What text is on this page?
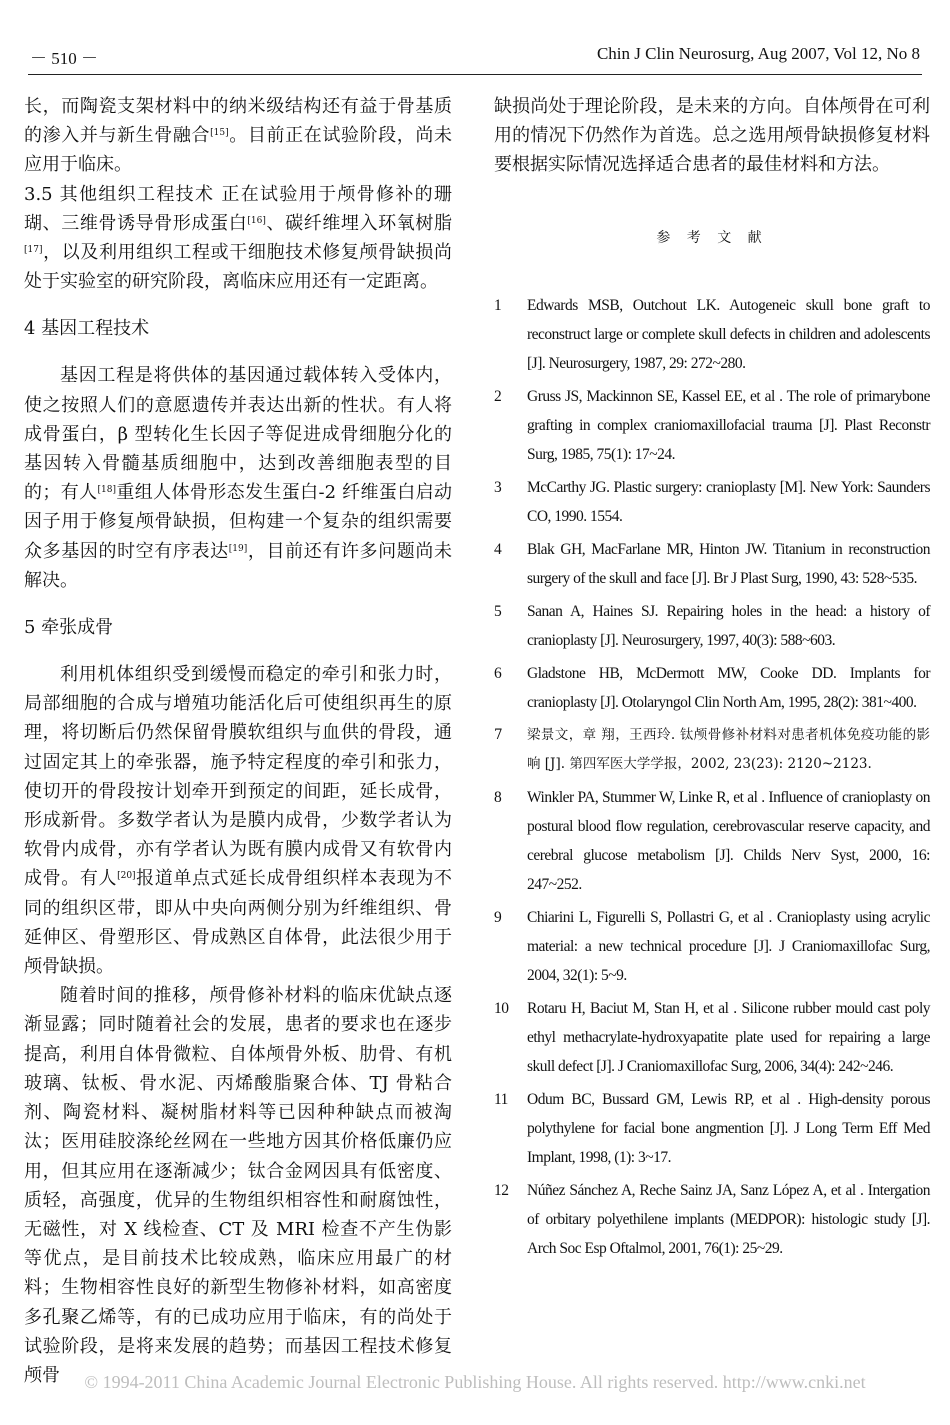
－ 510 －	Chin J Clin Neurosurg, Aug 2007, Vol 12, No 8

长，而陶瓷支架材料中的纳米级结构还有益于骨基质的渗入并与新生骨融合[15]。目前正在试验阶段，尚未应用于临床。

3.5 其他组织工程技术 正在试验用于颅骨修补的珊瑚、三维骨诱导骨形成蛋白[16]、碳纤维埋入环氧树脂[17]，以及利用组织工程或干细胞技术修复颅骨缺损尚处于实验室的研究阶段，离临床应用还有一定距离。

4 基因工程技术

基因工程是将供体的基因通过载体转入受体内，使之按照人们的意愿遗传并表达出新的性状。有人将成骨蛋白，β 型转化生长因子等促进成骨细胞分化的基因转入骨髓基质细胞中，达到改善细胞表型的目的；有人[18]重组人体骨形态发生蛋白-2 纤维蛋白启动因子用于修复颅骨缺损，但构建一个复杂的组织需要众多基因的时空有序表达[19]，目前还有许多问题尚未解决。

5 牵张成骨

利用机体组织受到缓慢而稳定的牵引和张力时，局部细胞的合成与增殖功能活化后可使组织再生的原理，将切断后仍然保留骨膜软组织与血供的骨段，通过固定其上的牵张器，施予特定程度的牵引和张力，使切开的骨段按计划牵开到预定的间距，延长成骨，形成新骨。多数学者认为是膜内成骨，少数学者认为软骨内成骨，亦有学者认为既有膜内成骨又有软骨内成骨。有人[20]报道单点式延长成骨组织样本表现为不同的组织区带，即从中央向两侧分别为纤维组织、骨延伸区、骨塑形区、骨成熟区自体骨，此法很少用于颅骨缺损。

随着时间的推移，颅骨修补材料的临床优缺点逐渐显露；同时随着社会的发展，患者的要求也在逐步提高，利用自体骨微粒、自体颅骨外板、肋骨、有机玻璃、钛板、骨水泥、丙烯酸脂聚合体、TJ 骨粘合剂、陶瓷材料、凝树脂材料等已因种种缺点而被淘汰；医用硅胶涤纶丝网在一些地方因其价格低廉仍应用，但其应用在逐渐减少；钛合金网因具有低密度、质轻，高强度，优异的生物组织相容性和耐腐蚀性，无磁性，对 X 线检查、CT 及 MRI 检查不产生伪影等优点，是目前技术比较成熟，临床应用最广的材料；生物相容性良好的新型生物修补材料，如高密度多孔聚乙烯等，有的已成功应用于临床，有的尚处于试验阶段，是将来发展的趋势；而基因工程技术修复颅骨

缺损尚处于理论阶段，是未来的方向。自体颅骨在可利用的情况下仍然作为首选。总之选用颅骨缺损修复材料要根据实际情况选择适合患者的最佳材料和方法。

参 考 文 献
1	Edwards MSB, Outchout LK. Autogeneic skull bone graft to reconstruct large or complete skull defects in children and adolescents [J]. Neurosurgery, 1987, 29: 272~280.
2	Gruss JS, Mackinnon SE, Kassel EE, et al . The role of primarybone grafting in complex craniomaxillofacial trauma [J]. Plast Reconstr Surg, 1985, 75(1): 17~24.
3	McCarthy JG. Plastic surgery: cranioplasty [M]. New York: Saunders CO, 1990. 1554.
4	Blak GH, MacFarlane MR, Hinton JW. Titanium in reconstruction surgery of the skull and face [J]. Br J Plast Surg, 1990, 43: 528~535.
5	Sanan A, Haines SJ. Repairing holes in the head: a history of cranioplasty [J]. Neurosurgery, 1997, 40(3): 588~603.
6	Gladstone HB, McDermott MW, Cooke DD. Implants for cranioplasty [J]. Otolaryngol Clin North Am, 1995, 28(2): 381~400.
7	梁景文，章 翔，王西玲. 钛颅骨修补材料对患者机体免疫功能的影响 [J]. 第四军医大学学报，2002, 23(23): 2120~2123.
8	Winkler PA, Stummer W, Linke R, et al . Influence of cranioplasty on postural blood flow regulation, cerebrovascular reserve capacity, and cerebral glucose metabolism [J]. Childs Nerv Syst, 2000, 16: 247~252.
9	Chiarini L, Figurelli S, Pollastri G, et al . Cranioplasty using acrylic material: a new technical procedure [J]. J Craniomaxillofac Surg, 2004, 32(1): 5~9.
10	Rotaru H, Baciut M, Stan H, et al . Silicone rubber mould cast poly ethyl methacrylate-hydroxyapatite plate used for repairing a large skull defect [J]. J Craniomaxillofac Surg, 2006, 34(4): 242~246.
11	Odum BC, Bussard GM, Lewis RP, et al . High-density porous polythylene for facial bone angmention [J]. J Long Term Eff Med Implant, 1998, (1): 3~17.
12	Núñez Sánchez A, Reche Sainz JA, Sanz López A, et al . Intergation of orbitary polyethilene implants (MEDPOR): histologic study [J]. Arch Soc Esp Oftalmol, 2001, 76(1): 25~29.
© 1994-2011 China Academic Journal Electronic Publishing House. All rights reserved. http://www.cnki.net
